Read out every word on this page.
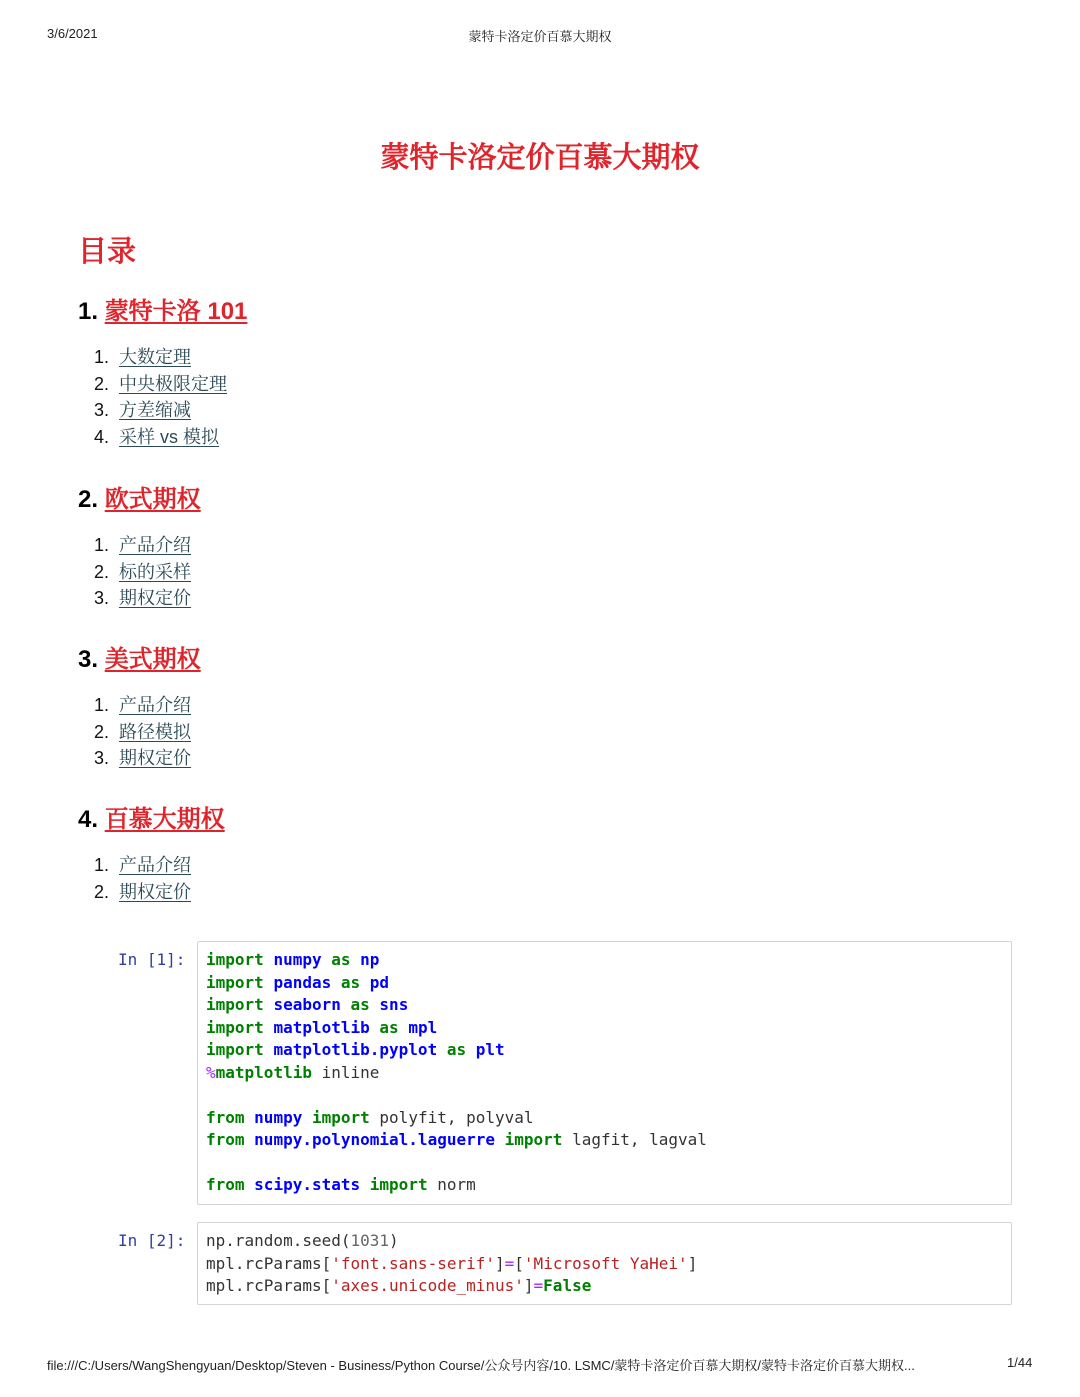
3/6/2021	蒙特卡洛定价百慕大期权
蒙特卡洛定价百慕大期权
目录
1. 蒙特卡洛 101
1. 大数定理
2. 中央极限定理
3. 方差缩减
4. 采样 vs 模拟
2. 欧式期权
1. 产品介绍
2. 标的采样
3. 期权定价
3. 美式期权
1. 产品介绍
2. 路径模拟
3. 期权定价
4. 百慕大期权
1. 产品介绍
2. 期权定价
In [1]: import numpy as np
import pandas as pd
import seaborn as sns
import matplotlib as mpl
import matplotlib.pyplot as plt
%matplotlib inline

from numpy import polyfit, polyval
from numpy.polynomial.laguerre import lagfit, lagval

from scipy.stats import norm
In [2]: np.random.seed(1031)
mpl.rcParams['font.sans-serif']=['Microsoft YaHei']
mpl.rcParams['axes.unicode_minus']=False
file:///C:/Users/WangShengyuan/Desktop/Steven - Business/Python Course/公众号内容/10. LSMC/蒙特卡洛定价百慕大期权/蒙特卡洛定价百慕大期权...	1/44
